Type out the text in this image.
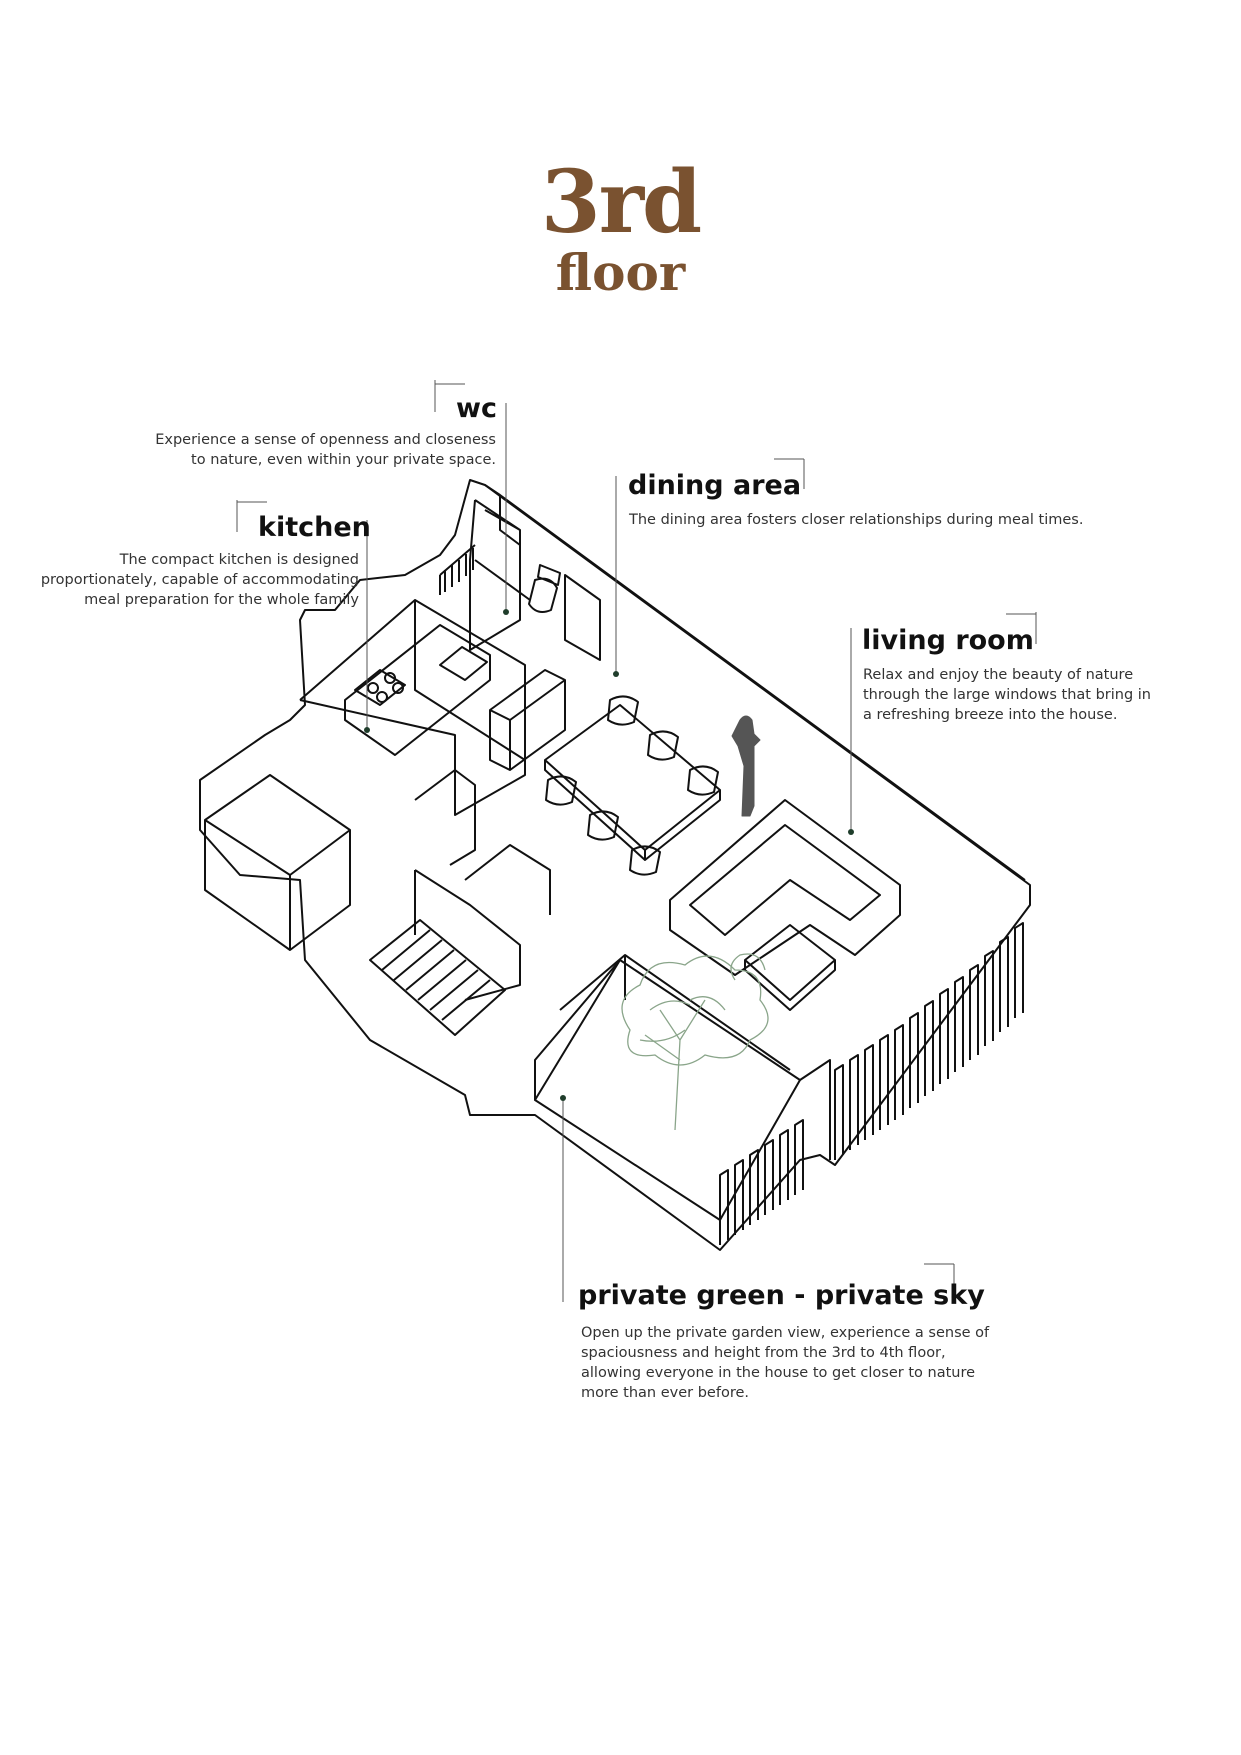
3rd
floor

wc

Experience a sense of openness and closeness

to nature, even within your private space.

kitchen

The compact kitchen is designed

proportionately, capable of accommodating

meal preparation for the whole family

dining area

The dining area fosters closer relationships during meal times.

living room

Relax and enjoy the beauty of nature

through the large windows that bring in

a refreshing breeze into the house.

private green - private sky

Open up the private garden view, experience a sense of

spaciousness and height from the 3rd to 4th floor,

allowing everyone in the house to get closer to nature

more than ever before.
